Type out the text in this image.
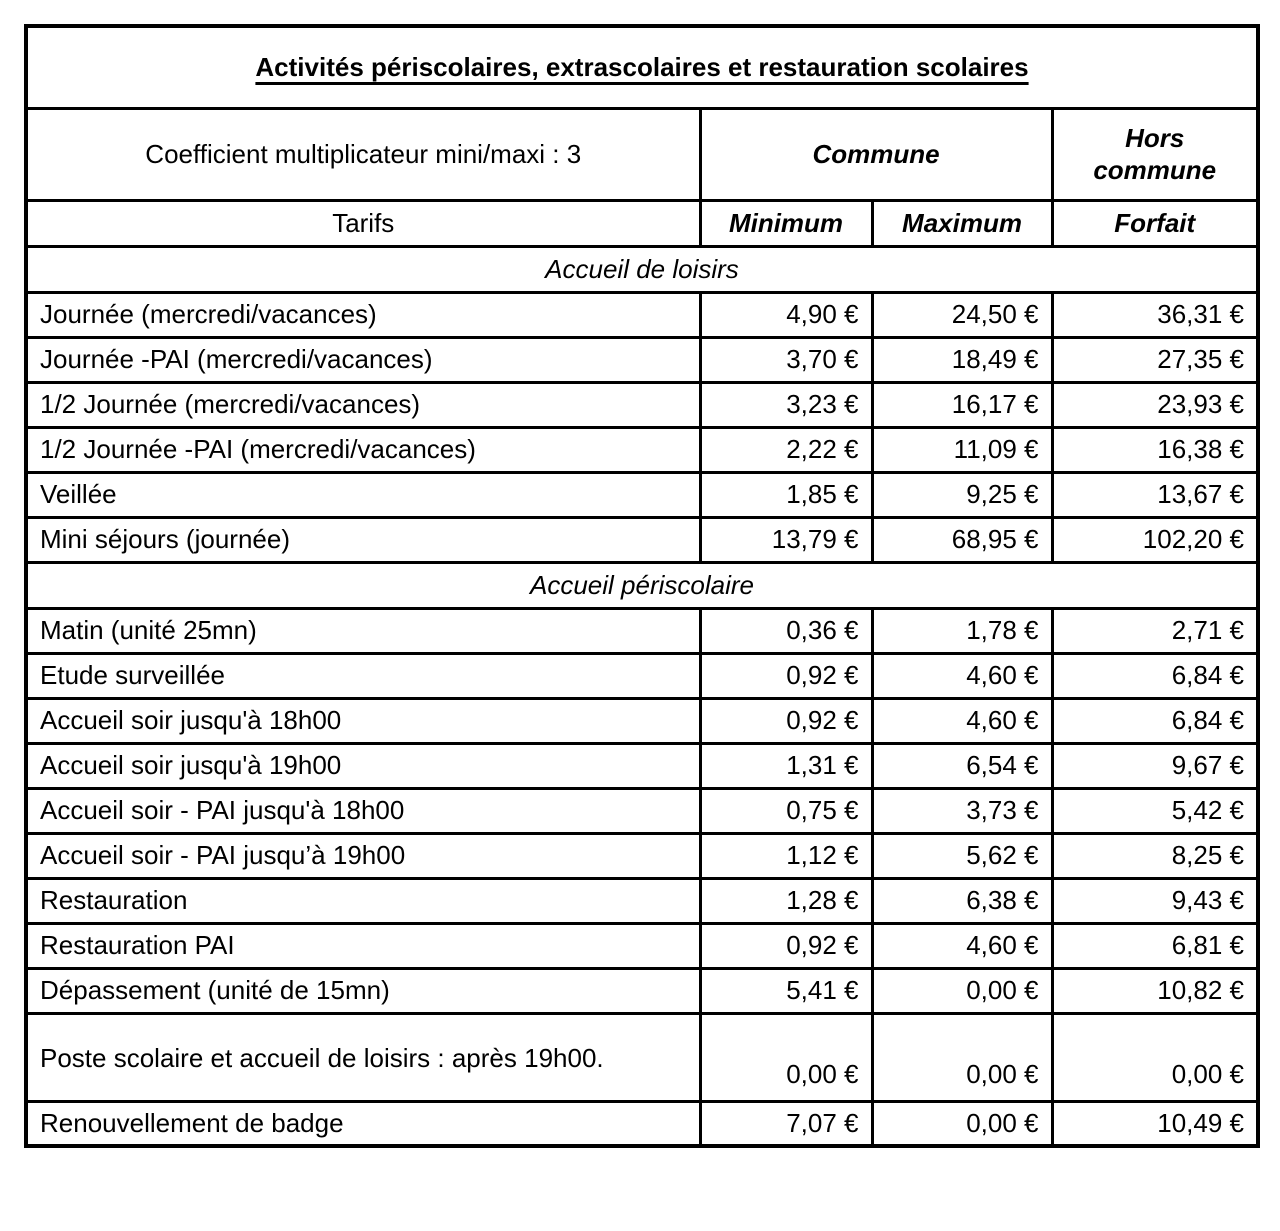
Activités périscolaires, extrascolaires et restauration scolaires			
Coefficient multiplicateur mini/maxi : 3	Commune		Hors commune
Tarifs	Minimum	Maximum	Forfait
Accueil de loisirs			
Journée (mercredi/vacances)	4,90 €	24,50 €	36,31 €
Journée -PAI (mercredi/vacances)	3,70 €	18,49 €	27,35 €
1/2 Journée (mercredi/vacances)	3,23 €	16,17 €	23,93 €
1/2 Journée -PAI (mercredi/vacances)	2,22 €	11,09 €	16,38 €
Veillée	1,85 €	9,25 €	13,67 €
Mini séjours (journée)	13,79 €	68,95 €	102,20 €
Accueil périscolaire			
Matin (unité 25mn)	0,36 €	1,78 €	2,71 €
Etude surveillée	0,92 €	4,60 €	6,84 €
Accueil soir jusqu'à 18h00	0,92 €	4,60 €	6,84 €
Accueil soir jusqu'à 19h00	1,31 €	6,54 €	9,67 €
Accueil soir - PAI jusqu'à 18h00	0,75 €	3,73 €	5,42 €
Accueil soir - PAI jusqu’à 19h00	1,12 €	5,62 €	8,25 €
Restauration	1,28 €	6,38 €	9,43 €
Restauration PAI	0,92 €	4,60 €	6,81 €
Dépassement (unité de 15mn)	5,41 €	0,00 €	10,82 €
Poste scolaire et accueil de loisirs : après 19h00.	0,00 €	0,00 €	0,00 €
Renouvellement de badge	7,07 €	0,00 €	10,49 €
